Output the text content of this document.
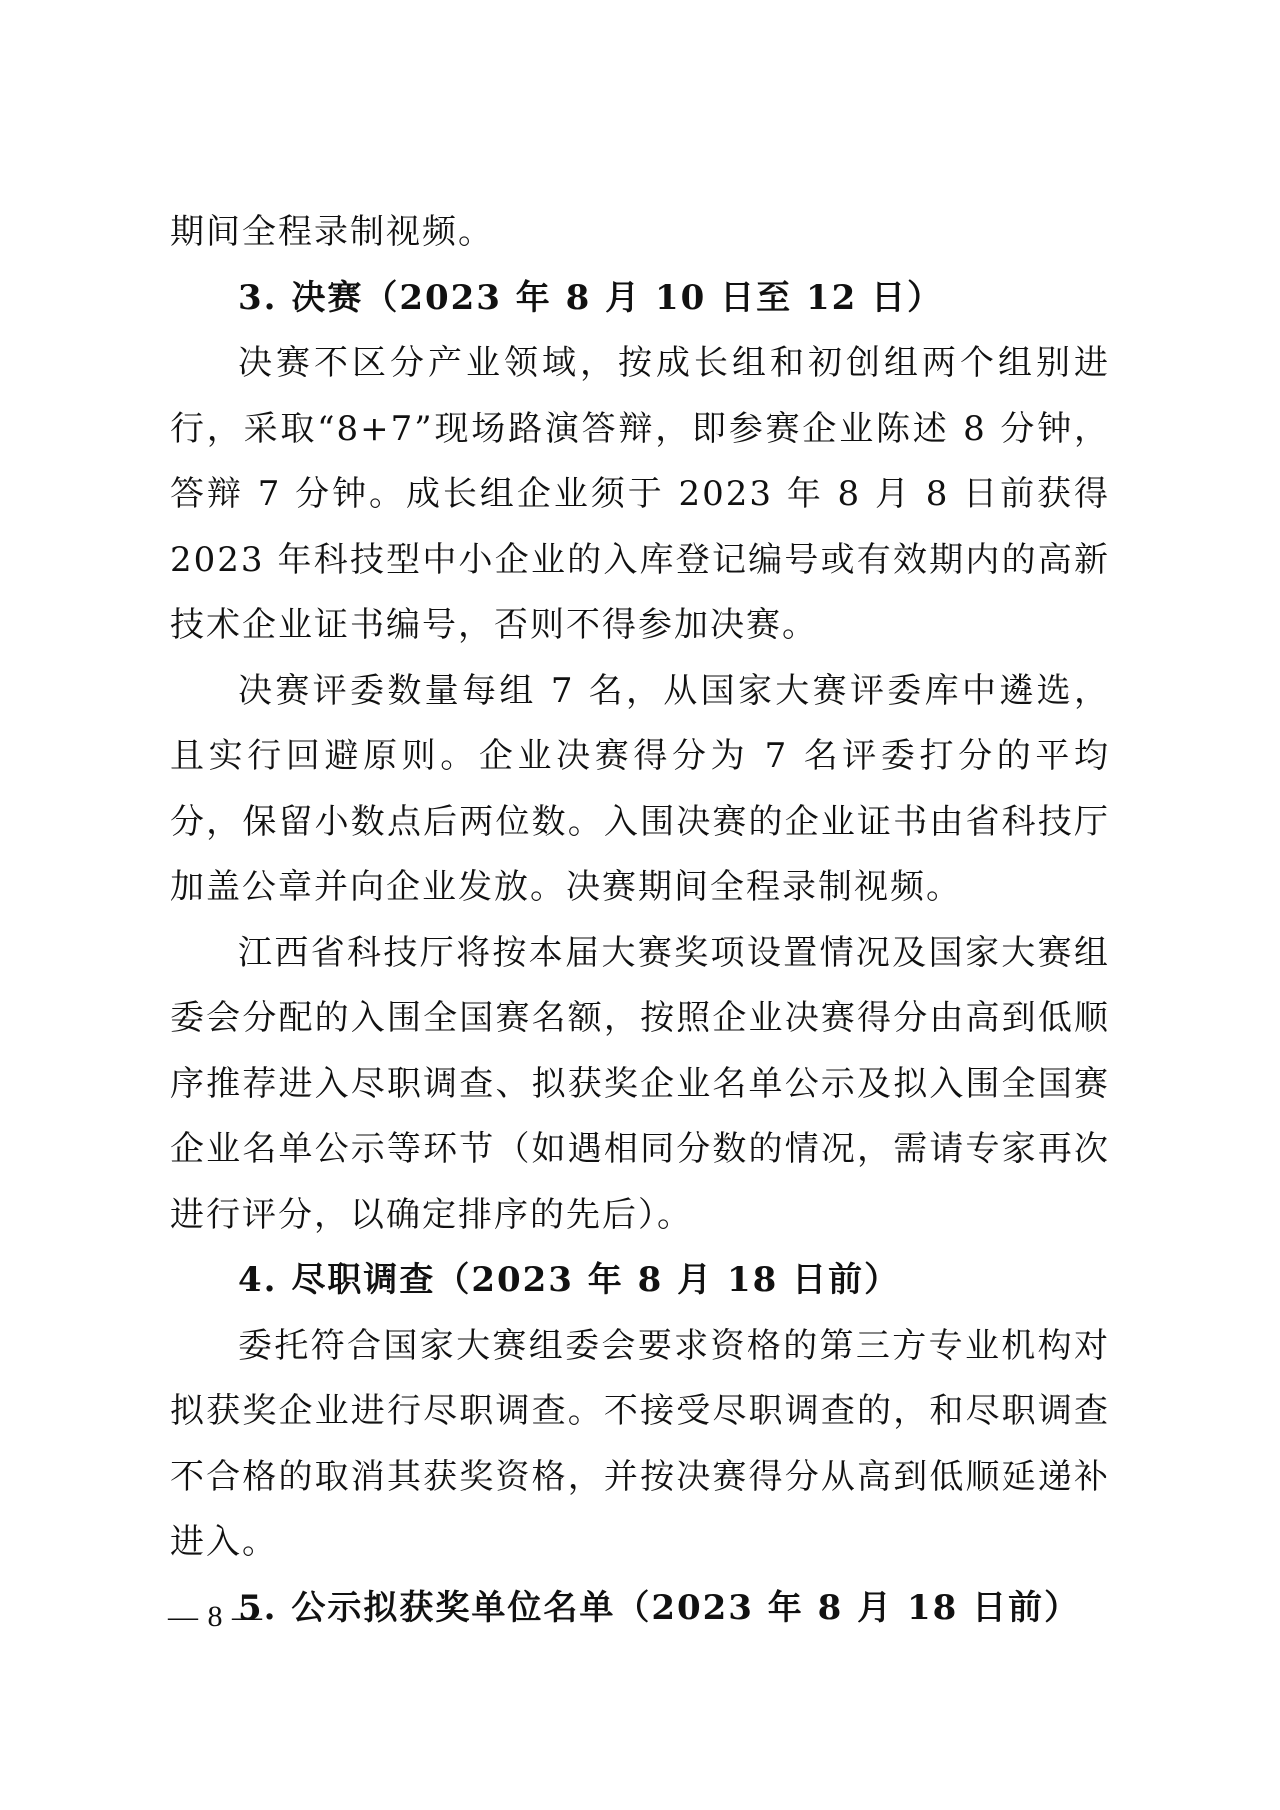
期间全程录制视频。

3. 决赛（2023 年 8 月 10 日至 12 日）

决赛不区分产业领域，按成长组和初创组两个组别进行，采取“8+7”现场路演答辩，即参赛企业陈述 8 分钟，答辩 7 分钟。成长组企业须于 2023 年 8 月 8 日前获得 2023 年科技型中小企业的入库登记编号或有效期内的高新技术企业证书编号，否则不得参加决赛。

决赛评委数量每组 7 名，从国家大赛评委库中遴选，且实行回避原则。企业决赛得分为 7 名评委打分的平均分，保留小数点后两位数。入围决赛的企业证书由省科技厅加盖公章并向企业发放。决赛期间全程录制视频。

江西省科技厅将按本届大赛奖项设置情况及国家大赛组委会分配的入围全国赛名额，按照企业决赛得分由高到低顺序推荐进入尽职调查、拟获奖企业名单公示及拟入围全国赛企业名单公示等环节（如遇相同分数的情况，需请专家再次进行评分，以确定排序的先后）。

4. 尽职调查（2023 年 8 月 18 日前）

委托符合国家大赛组委会要求资格的第三方专业机构对拟获奖企业进行尽职调查。不接受尽职调查的，和尽职调查不合格的取消其获奖资格，并按决赛得分从高到低顺延递补进入。

5. 公示拟获奖单位名单（2023 年 8 月 18 日前）

— 8 —
